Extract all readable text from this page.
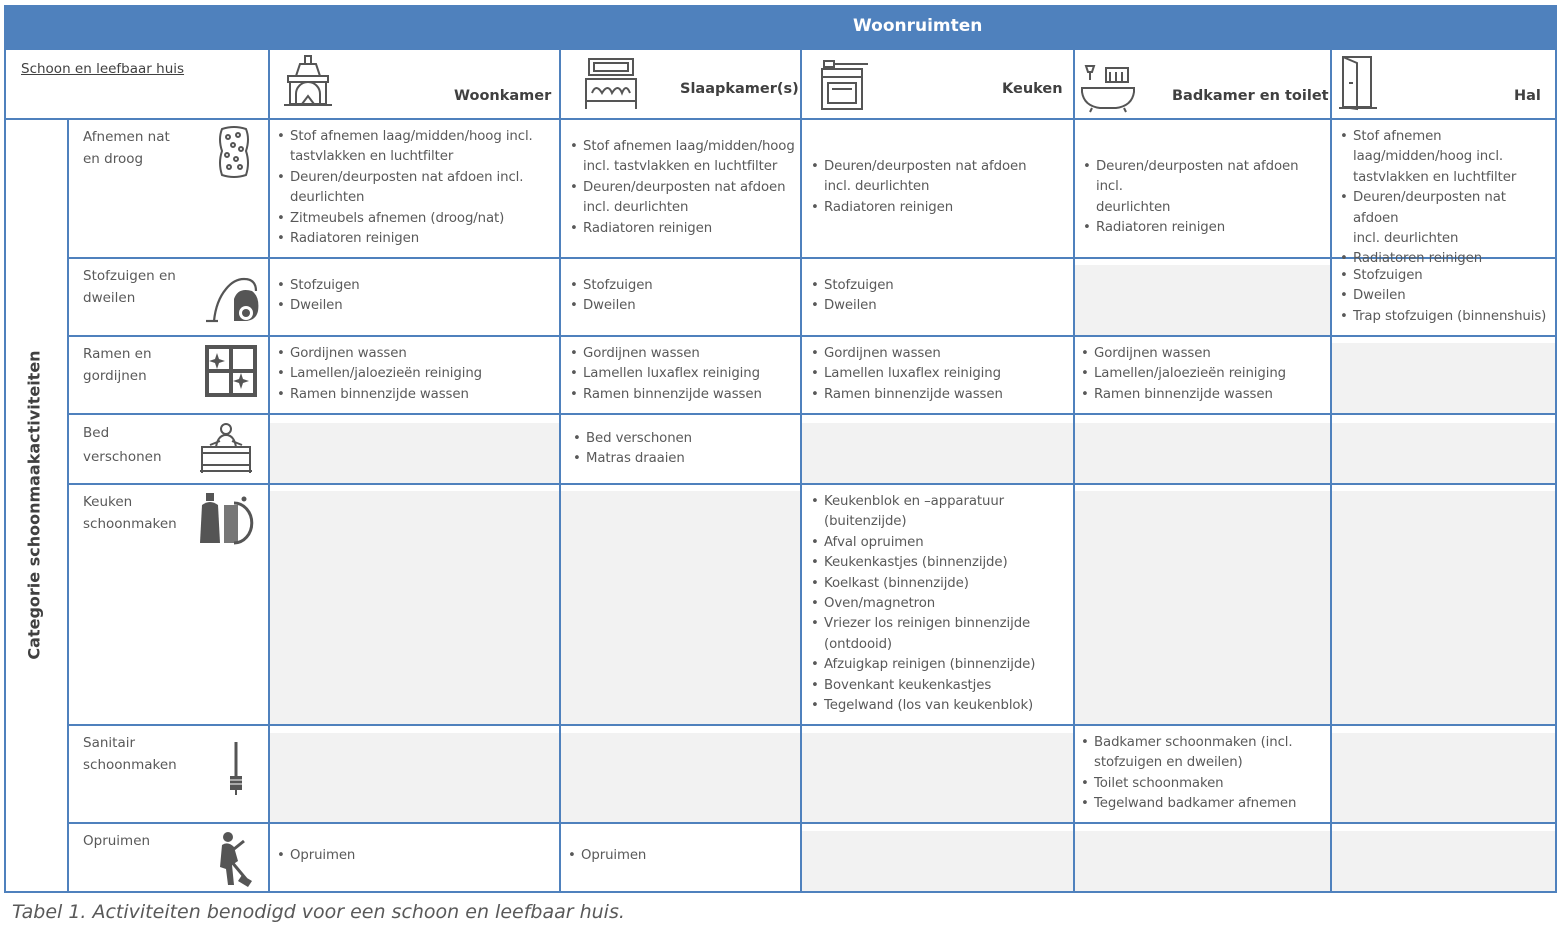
Woonruimten
Schoon en leefbaar huis
Woonkamer	Slaapkamer(s)	Keuken	Badkamer en toilet	Hal
Categorie schoonmaakactiviteiten
Afnemen nat
en droog
Stofzuigen en
dweilen
Ramen en
gordijnen
Bed
verschonen
Keuken
schoonmaken
Sanitair
schoonmaken
Opruimen
• Stof afnemen laag/midden/hoog incl.
tastvlakken en luchtfilter
• Deuren/deurposten nat afdoen incl.
deurlichten
• Zitmeubels afnemen (droog/nat)
• Radiatoren reinigen
• Stof afnemen laag/midden/hoog
incl. tastvlakken en luchtfilter
• Deuren/deurposten nat afdoen
incl. deurlichten
• Radiatoren reinigen
• Deuren/deurposten nat afdoen
incl. deurlichten
• Radiatoren reinigen
• Deuren/deurposten nat afdoen incl.
deurlichten
• Radiatoren reinigen
• Stof afnemen
laag/midden/hoog incl.
tastvlakken en luchtfilter
• Deuren/deurposten nat afdoen
incl. deurlichten
• Radiatoren reinigen
• Stofzuigen
• Dweilen
• Stofzuigen
• Dweilen
• Stofzuigen
• Dweilen
• Stofzuigen
• Dweilen
• Trap stofzuigen (binnenshuis)
• Gordijnen wassen
• Lamellen/jaloezieën reiniging
• Ramen binnenzijde wassen
• Gordijnen wassen
• Lamellen luxaflex reiniging
• Ramen binnenzijde wassen
• Gordijnen wassen
• Lamellen luxaflex reiniging
• Ramen binnenzijde wassen
• Gordijnen wassen
• Lamellen/jaloezieën reiniging
• Ramen binnenzijde wassen
• Bed verschonen
• Matras draaien
• Keukenblok en –apparatuur
(buitenzijde)
• Afval opruimen
• Keukenkastjes (binnenzijde)
• Koelkast (binnenzijde)
• Oven/magnetron
• Vriezer los reinigen binnenzijde
(ontdooid)
• Afzuigkap reinigen (binnenzijde)
• Bovenkant keukenkastjes
• Tegelwand (los van keukenblok)
• Badkamer schoonmaken (incl.
stofzuigen en dweilen)
• Toilet schoonmaken
• Tegelwand badkamer afnemen
• Opruimen
•	Opruimen
Tabel 1. Activiteiten benodigd voor een schoon en leefbaar huis.
